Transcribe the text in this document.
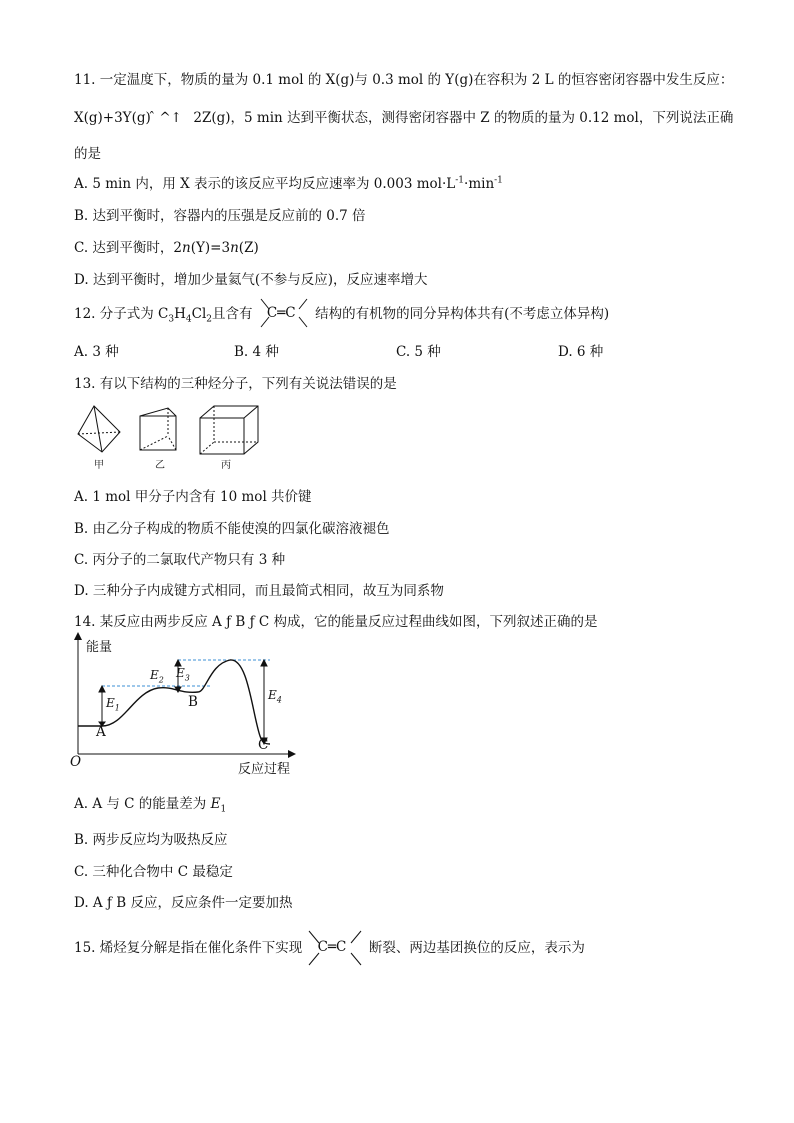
11. 一定温度下，物质的量为 0.1 mol 的 X(g)与 0.3 mol 的 Y(g)在容积为 2 L 的恒容密闭容器中发生反应：
X(g)+3Y(g) ̂ ^↑ 2Z(g)，5 min 达到平衡状态，测得密闭容器中 Z 的物质的量为 0.12 mol，下列说法正确
的是
A. 5 min 内，用 X 表示的该反应平均反应速率为 0.003 $mol\cdot L^{-1}\cdot\min^{-1}$
B. 达到平衡时，容器内的压强是反应前的 0.7 倍
C. 达到平衡时，2n(Y)=3n(Z)
D. 达到平衡时，增加少量氦气(不参与反应)，反应速率增大
12. 分子式为 $C_3H_4Cl_2$且含有 C═C 结构的有机物的同分异构体共有(不考虑立体异构)
A. 3 种	B. 4 种	C. 5 种	D. 6 种
13. 有以下结构的三种烃分子，下列有关说法错误的是
甲	乙	丙
A. 1 mol 甲分子内含有 10 mol 共价键
B. 由乙分子构成的物质不能使溴的四氯化碳溶液褪色
C. 丙分子的二氯取代产物只有 3 种
D. 三种分子内成键方式相同，而且最简式相同，故互为同系物
14. 某反应由两步反应 A ƒ B ƒ C 构成，它的能量反应过程曲线如图，下列叙述正确的是
能量
反应过程
O
A
B
C
$E_1$
$E_2$ $E_3$
$E_4$
A. A 与 C 的能量差为 $E_1$
B. 两步反应均为吸热反应
C. 三种化合物中 C 最稳定
D. A ƒ B 反应，反应条件一定要加热
15. 烯烃复分解是指在催化条件下实现 C═C 断裂、两边基团换位的反应，表示为
